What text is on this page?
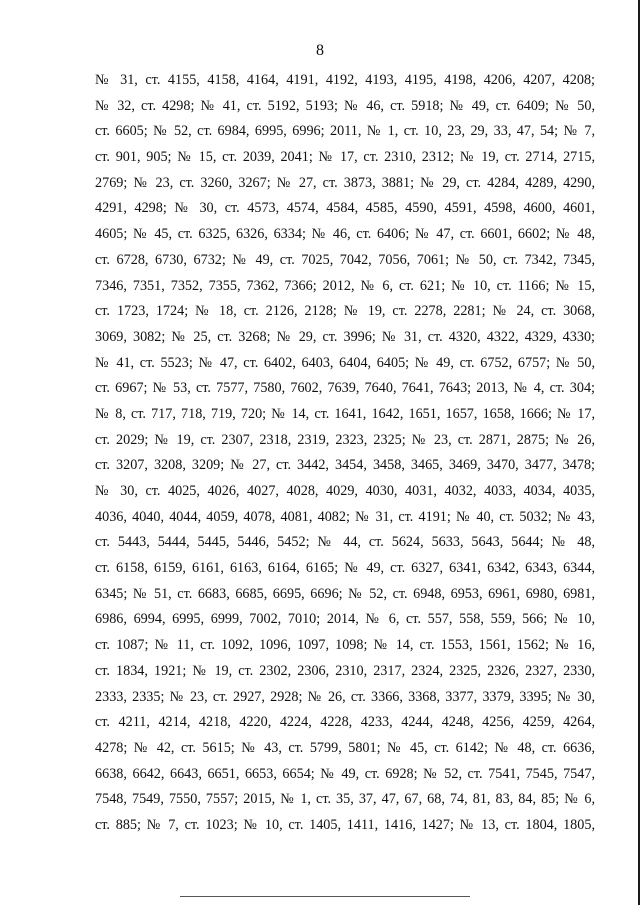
8
№ 31, ст. 4155, 4158, 4164, 4191, 4192, 4193, 4195, 4198, 4206, 4207, 4208;
№ 32, ст. 4298; № 41, ст. 5192, 5193; № 46, ст. 5918; № 49, ст. 6409; № 50,
ст. 6605; № 52, ст. 6984, 6995, 6996; 2011, № 1, ст. 10, 23, 29, 33, 47, 54; № 7,
ст. 901, 905; № 15, ст. 2039, 2041; № 17, ст. 2310, 2312; № 19, ст. 2714, 2715,
2769; № 23, ст. 3260, 3267; № 27, ст. 3873, 3881; № 29, ст. 4284, 4289, 4290,
4291, 4298; № 30, ст. 4573, 4574, 4584, 4585, 4590, 4591, 4598, 4600, 4601,
4605; № 45, ст. 6325, 6326, 6334; № 46, ст. 6406; № 47, ст. 6601, 6602; № 48,
ст. 6728, 6730, 6732; № 49, ст. 7025, 7042, 7056, 7061; № 50, ст. 7342, 7345,
7346, 7351, 7352, 7355, 7362, 7366; 2012, № 6, ст. 621; № 10, ст. 1166; № 15,
ст. 1723, 1724; № 18, ст. 2126, 2128; № 19, ст. 2278, 2281; № 24, ст. 3068,
3069, 3082; № 25, ст. 3268; № 29, ст. 3996; № 31, ст. 4320, 4322, 4329, 4330;
№ 41, ст. 5523; № 47, ст. 6402, 6403, 6404, 6405; № 49, ст. 6752, 6757; № 50,
ст. 6967; № 53, ст. 7577, 7580, 7602, 7639, 7640, 7641, 7643; 2013, № 4, ст. 304;
№ 8, ст. 717, 718, 719, 720; № 14, ст. 1641, 1642, 1651, 1657, 1658, 1666; № 17,
ст. 2029; № 19, ст. 2307, 2318, 2319, 2323, 2325; № 23, ст. 2871, 2875; № 26,
ст. 3207, 3208, 3209; № 27, ст. 3442, 3454, 3458, 3465, 3469, 3470, 3477, 3478;
№ 30, ст. 4025, 4026, 4027, 4028, 4029, 4030, 4031, 4032, 4033, 4034, 4035,
4036, 4040, 4044, 4059, 4078, 4081, 4082; № 31, ст. 4191; № 40, ст. 5032; № 43,
ст. 5443, 5444, 5445, 5446, 5452; № 44, ст. 5624, 5633, 5643, 5644; № 48,
ст. 6158, 6159, 6161, 6163, 6164, 6165; № 49, ст. 6327, 6341, 6342, 6343, 6344,
6345; № 51, ст. 6683, 6685, 6695, 6696; № 52, ст. 6948, 6953, 6961, 6980, 6981,
6986, 6994, 6995, 6999, 7002, 7010; 2014, № 6, ст. 557, 558, 559, 566; № 10,
ст. 1087; № 11, ст. 1092, 1096, 1097, 1098; № 14, ст. 1553, 1561, 1562; № 16,
ст. 1834, 1921; № 19, ст. 2302, 2306, 2310, 2317, 2324, 2325, 2326, 2327, 2330,
2333, 2335; № 23, ст. 2927, 2928; № 26, ст. 3366, 3368, 3377, 3379, 3395; № 30,
ст. 4211, 4214, 4218, 4220, 4224, 4228, 4233, 4244, 4248, 4256, 4259, 4264,
4278; № 42, ст. 5615; № 43, ст. 5799, 5801; № 45, ст. 6142; № 48, ст. 6636,
6638, 6642, 6643, 6651, 6653, 6654; № 49, ст. 6928; № 52, ст. 7541, 7545, 7547,
7548, 7549, 7550, 7557; 2015, № 1, ст. 35, 37, 47, 67, 68, 74, 81, 83, 84, 85; № 6,
ст. 885; № 7, ст. 1023; № 10, ст. 1405, 1411, 1416, 1427; № 13, ст. 1804, 1805,
